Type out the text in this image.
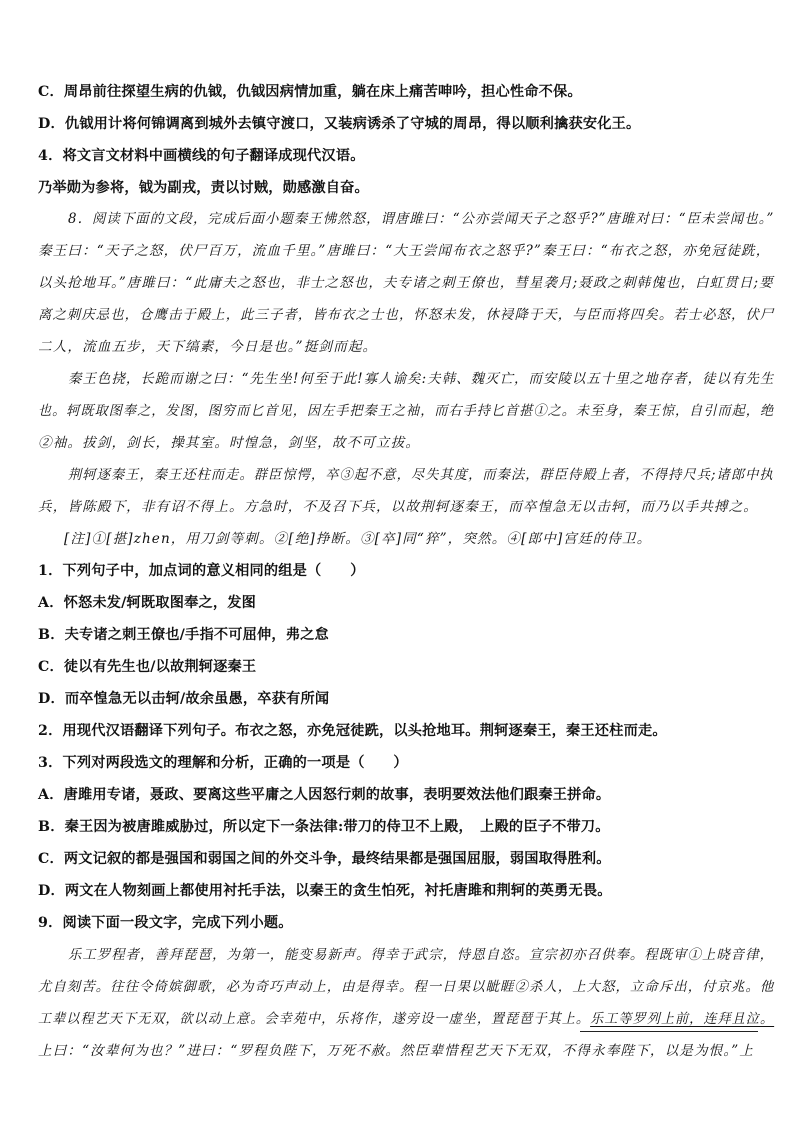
C．周昂前往探望生病的仇钺，仇钺因病情加重，躺在床上痛苦呻吟，担心性命不保。
D．仇钺用计将何锦调离到城外去镇守渡口，又装病诱杀了守城的周昂，得以顺利擒获安化王。
4．将文言文材料中画横线的句子翻译成现代汉语。
乃举勋为参将，钺为副戎，责以讨贼，勋感激自奋。
8．阅读下面的文段，完成后面小题秦王怫然怒，谓唐雎曰：“公亦尝闻天子之怒乎?”唐雎对曰：“臣未尝闻也。”
秦王曰：“天子之怒，伏尸百万，流血千里。”唐雎曰：“大王尝闻布衣之怒乎?”秦王曰：“布衣之怒，亦免冠徒跣，
以头抢地耳。”唐雎曰：“此庸夫之怒也，非士之怒也，夫专诸之刺王僚也，彗星袭月;聂政之刺韩傀也，白虹贯日;要
离之刺庆忌也，仓鹰击于殿上，此三子者，皆布衣之士也，怀怒未发，休祲降于天，与臣而将四矣。若士必怒，伏尸
二人，流血五步，天下缟素，今日是也。”挺剑而起。
秦王色挠，长跪而谢之曰：“先生坐!何至于此!寡人谕矣:夫韩、魏灭亡，而安陵以五十里之地存者，徒以有先生
也。轲既取图奉之，发图，图穷而匕首见，因左手把秦王之袖，而右手持匕首揕①之。未至身，秦王惊，自引而起，绝
②袖。拔剑，剑长，操其室。时惶急，剑坚，故不可立拔。
荆轲逐秦王，秦王还柱而走。群臣惊愕，卒③起不意，尽失其度，而秦法，群臣侍殿上者，不得持尺兵;诸郎中执
兵，皆陈殿下，非有诏不得上。方急时，不及召下兵，以故荆轲逐秦王，而卒惶急无以击轲，而乃以手共搏之。
[注]①[揕]zhen，用刀剑等刺。②[绝]挣断。③[卒]同“猝”，突然。④[郎中]宫廷的侍卫。
1．下列句子中，加点词的意义相同的组是（　　）
A．怀怒未发/轲既取图奉之，发图
B．夫专诸之刺王僚也/手指不可屈伸，弗之怠
C．徒以有先生也/以故荆轲逐秦王
D．而卒惶急无以击轲/故余虽愚，卒获有所闻
2．用现代汉语翻译下列句子。布衣之怒，亦免冠徒跣，以头抢地耳。荆轲逐秦王，秦王还柱而走。
3．下列对两段选文的理解和分析，正确的一项是（　　）
A．唐雎用专诸，聂政、要离这些平庸之人因怒行刺的故事，表明要效法他们跟秦王拼命。
B．秦王因为被唐雎威胁过，所以定下一条法律:带刀的侍卫不上殿，　上殿的臣子不带刀。
C．两文记叙的都是强国和弱国之间的外交斗争，最终结果都是强国屈服，弱国取得胜利。
D．两文在人物刻画上都使用衬托手法，以秦王的贪生怕死，衬托唐雎和荆轲的英勇无畏。
9．阅读下面一段文字，完成下列小题。
乐工罗程者，善拜琵琶，为第一，能变易新声。得幸于武宗，恃恩自恣。宣宗初亦召供奉。程既审①上晓音律，
尤自刻苦。往往令倚嫔御歌，必为奇巧声动上，由是得幸。程一日果以眦睚②杀人，上大怒，立命斥出，付京兆。他
工辈以程艺天下无双，欲以动上意。会幸苑中，乐将作，遂旁设一虚坐，置琵琶于其上。乐工等罗列上前，连拜且泣。
上曰：“汝辈何为也？”进曰：“罗程负陛下，万死不赦。然臣辈惜程艺天下无双，不得永奉陛下，以是为恨。”上
